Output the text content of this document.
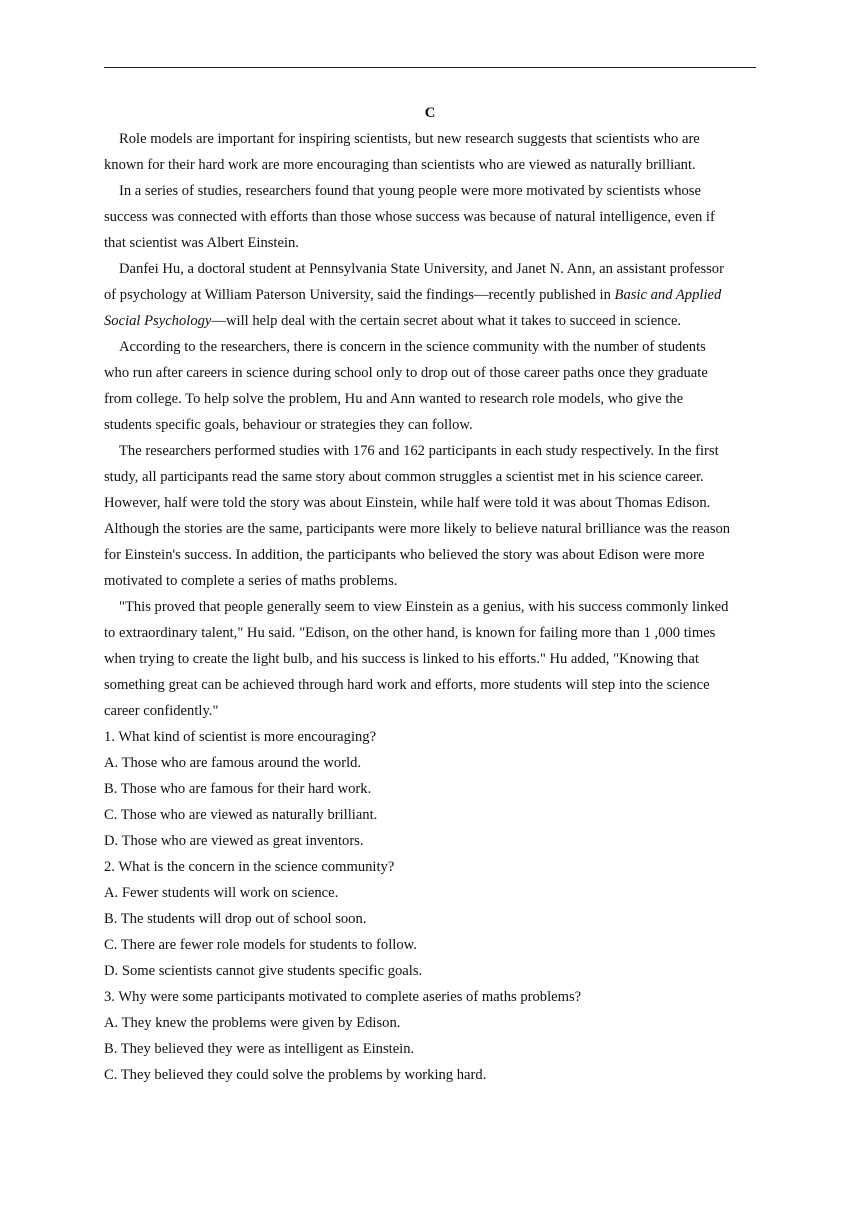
C

Role models are important for inspiring scientists, but new research suggests that scientists who are
known for their hard work are more encouraging than scientists who are viewed as naturally brilliant.

In a series of studies, researchers found that young people were more motivated by scientists whose
success was connected with efforts than those whose success was because of natural intelligence, even if
that scientist was Albert Einstein.

Danfei Hu, a doctoral student at Pennsylvania State University, and Janet N. Ann, an assistant professor
of psychology at William Paterson University, said the findings—recently published in Basic and Applied
Social Psychology—will help deal with the certain secret about what it takes to succeed in science.

According to the researchers, there is concern in the science community with the number of students
who run after careers in science during school only to drop out of those career paths once they graduate
from college. To help solve the problem, Hu and Ann wanted to research role models, who give the
students specific goals, behaviour or strategies they can follow.

The researchers performed studies with 176 and 162 participants in each study respectively. In the first
study, all participants read the same story about common struggles a scientist met in his science career.
However, half were told the story was about Einstein, while half were told it was about Thomas Edison.
Although the stories are the same, participants were more likely to believe natural brilliance was the reason
for Einstein's success. In addition, the participants who believed the story was about Edison were more
motivated to complete a series of maths problems.

"This proved that people generally seem to view Einstein as a genius, with his success commonly linked
to extraordinary talent," Hu said. "Edison, on the other hand, is known for failing more than 1 ,000 times
when trying to create the light bulb, and his success is linked to his efforts." Hu added, "Knowing that
something great can be achieved through hard work and efforts, more students will step into the science
career confidently."

1. What kind of scientist is more encouraging?

A. Those who are famous around the world.

B. Those who are famous for their hard work.

C. Those who are viewed as naturally brilliant.

D. Those who are viewed as great inventors.

2. What is the concern in the science community?

A. Fewer students will work on science.

B. The students will drop out of school soon.

C. There are fewer role models for students to follow.

D. Some scientists cannot give students specific goals.

3. Why were some participants motivated to complete aseries of maths problems?

A. They knew the problems were given by Edison.

B. They believed they were as intelligent as Einstein.

C. They believed they could solve the problems by working hard.
